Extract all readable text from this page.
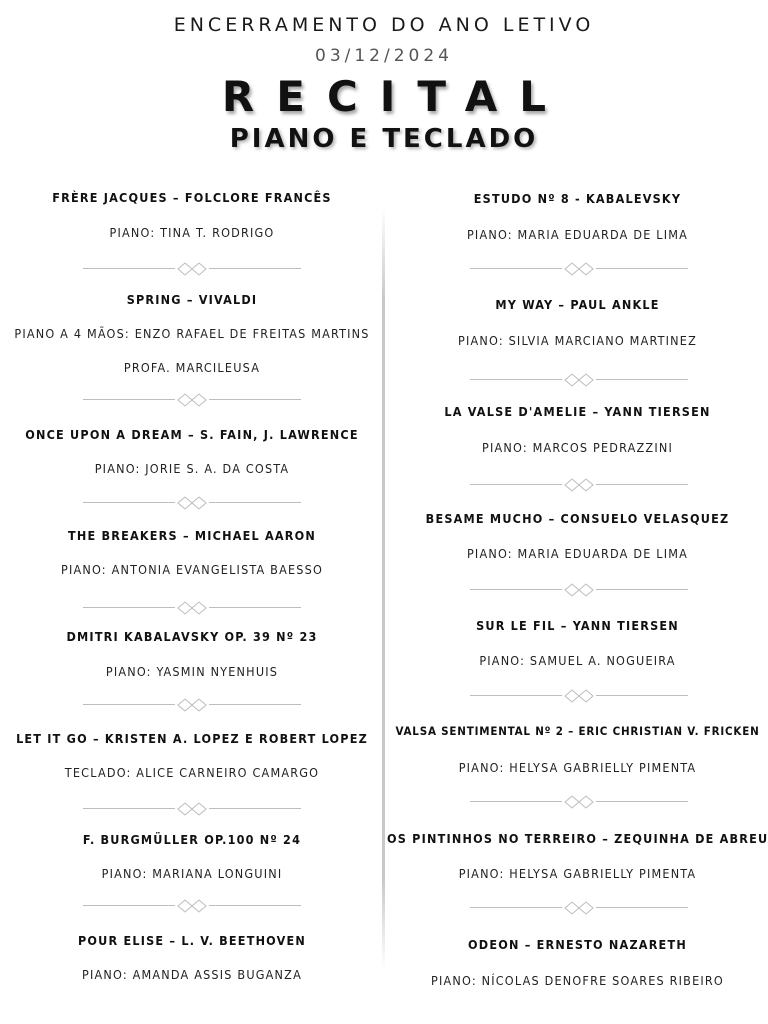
ENCERRAMENTO DO ANO LETIVO
03/12/2024
RECITAL
PIANO E TECLADO
FRÈRE JACQUES – FOLCLORE FRANCÊS
PIANO: TINA T. RODRIGO
SPRING – VIVALDI
PIANO A 4 MÃOS: ENZO RAFAEL DE FREITAS MARTINS
PROFA. MARCILEUSA
ONCE UPON A DREAM – S. FAIN, J. LAWRENCE
PIANO: JORIE S. A. DA COSTA
THE BREAKERS – MICHAEL AARON
PIANO: ANTONIA EVANGELISTA BAESSO
DMITRI KABALAVSKY OP. 39 Nº 23
PIANO: YASMIN NYENHUIS
LET IT GO – KRISTEN A. LOPEZ E ROBERT LOPEZ
TECLADO: ALICE CARNEIRO CAMARGO
F. BURGMÜLLER OP.100 Nº 24
PIANO: MARIANA LONGUINI
POUR ELISE – L. V. BEETHOVEN
PIANO: AMANDA ASSIS BUGANZA
ESTUDO Nº 8 - KABALEVSKY
PIANO: MARIA EDUARDA DE LIMA
MY WAY – PAUL ANKLE
PIANO: SILVIA MARCIANO MARTINEZ
LA VALSE D'AMELIE – YANN TIERSEN
PIANO: MARCOS PEDRAZZINI
BESAME MUCHO – CONSUELO VELASQUEZ
PIANO: MARIA EDUARDA DE LIMA
SUR LE FIL – YANN TIERSEN
PIANO: SAMUEL A. NOGUEIRA
VALSA SENTIMENTAL Nº 2 – ERIC CHRISTIAN V. FRICKEN
PIANO: HELYSA GABRIELLY PIMENTA
OS PINTINHOS NO TERREIRO – ZEQUINHA DE ABREU
PIANO: HELYSA GABRIELLY PIMENTA
ODEON – ERNESTO NAZARETH
PIANO: NÍCOLAS DENOFRE SOARES RIBEIRO
